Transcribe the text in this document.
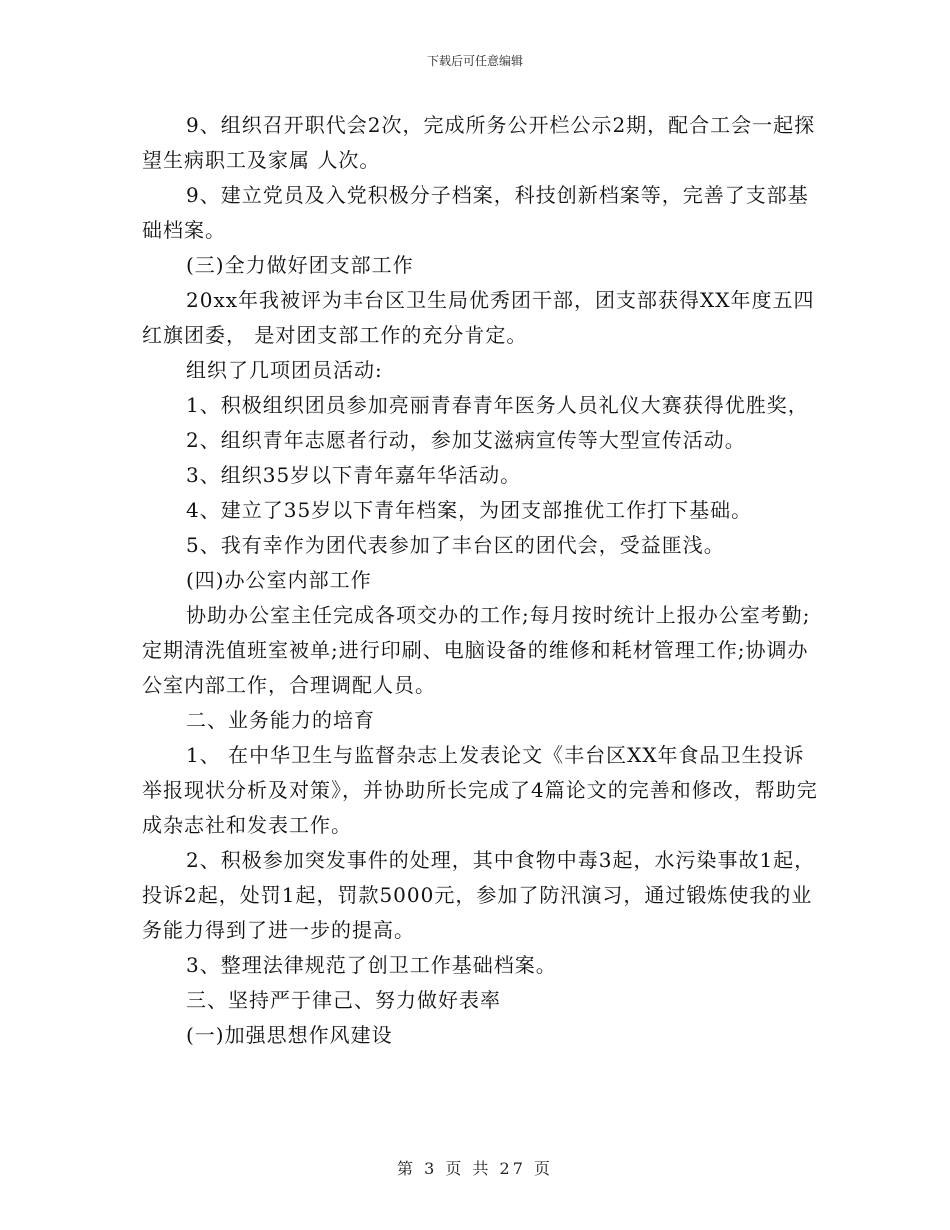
下载后可任意编辑

9、组织召开职代会2次，完成所务公开栏公示2期，配合工会一起探望生病职工及家属 人次。

9、建立党员及入党积极分子档案，科技创新档案等，完善了支部基础档案。

(三)全力做好团支部工作

20xx年我被评为丰台区卫生局优秀团干部，团支部获得XX年度五四红旗团委， 是对团支部工作的充分肯定。

组织了几项团员活动:

1、积极组织团员参加亮丽青春青年医务人员礼仪大赛获得优胜奖，

2、组织青年志愿者行动，参加艾滋病宣传等大型宣传活动。

3、组织35岁以下青年嘉年华活动。

4、建立了35岁以下青年档案，为团支部推优工作打下基础。

5、我有幸作为团代表参加了丰台区的团代会，受益匪浅。

(四)办公室内部工作

协助办公室主任完成各项交办的工作;每月按时统计上报办公室考勤;定期清洗值班室被单;进行印刷、电脑设备的维修和耗材管理工作;协调办公室内部工作，合理调配人员。

二、业务能力的培育

1、 在中华卫生与监督杂志上发表论文《丰台区XX年食品卫生投诉举报现状分析及对策》，并协助所长完成了4篇论文的完善和修改，帮助完成杂志社和发表工作。

2、积极参加突发事件的处理，其中食物中毒3起，水污染事故1起，投诉2起，处罚1起，罚款5000元，参加了防汛演习，通过锻炼使我的业务能力得到了进一步的提高。

3、整理法律规范了创卫工作基础档案。

三、坚持严于律己、努力做好表率

(一)加强思想作风建设

第 3 页 共 27 页
